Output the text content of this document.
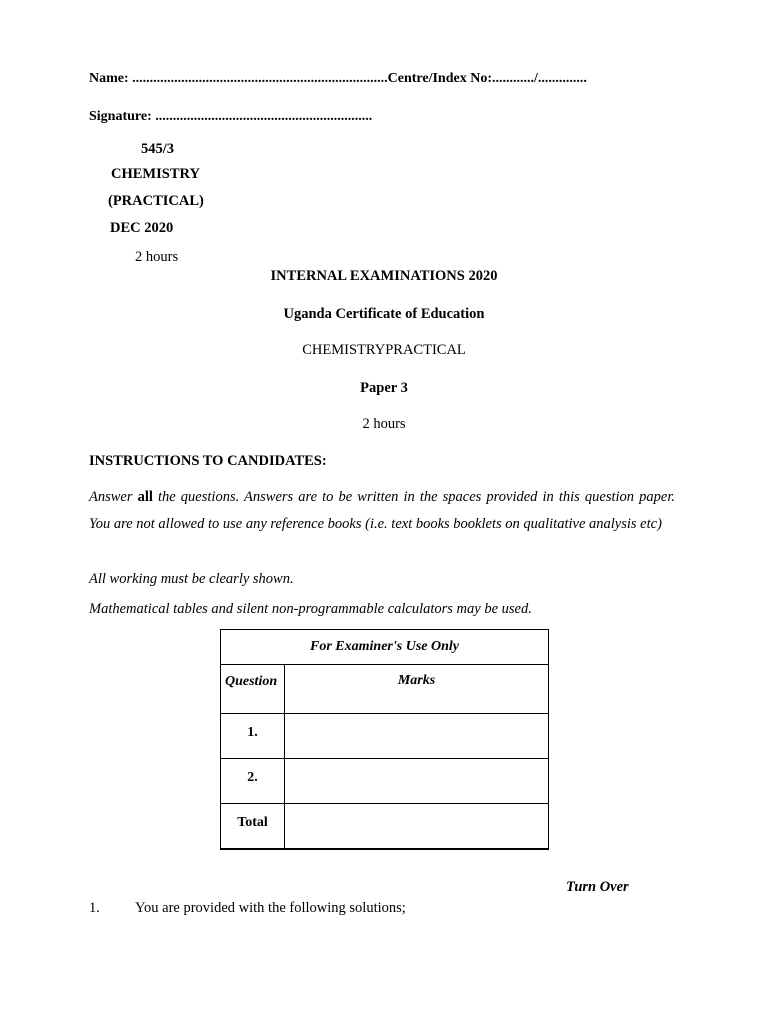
Name: .........................................................................Centre/Index No:............/..............
Signature: ..............................................................
545/3
CHEMISTRY
(PRACTICAL)
DEC 2020
2 hours
INTERNAL EXAMINATIONS 2020
Uganda Certificate of Education
CHEMISTRYPRACTICAL
Paper 3
2 hours
INSTRUCTIONS TO CANDIDATES:
Answer all the questions. Answers are to be written in the spaces provided in this question paper. You are not allowed to use any reference books (i.e. text books booklets on qualitative analysis etc)
All working must be clearly shown.
Mathematical tables and silent non-programmable calculators may be used.
For Examiner's Use Only	
Question	Marks
1.	
2.	
Total	
Turn Over
1. You are provided with the following solutions;
